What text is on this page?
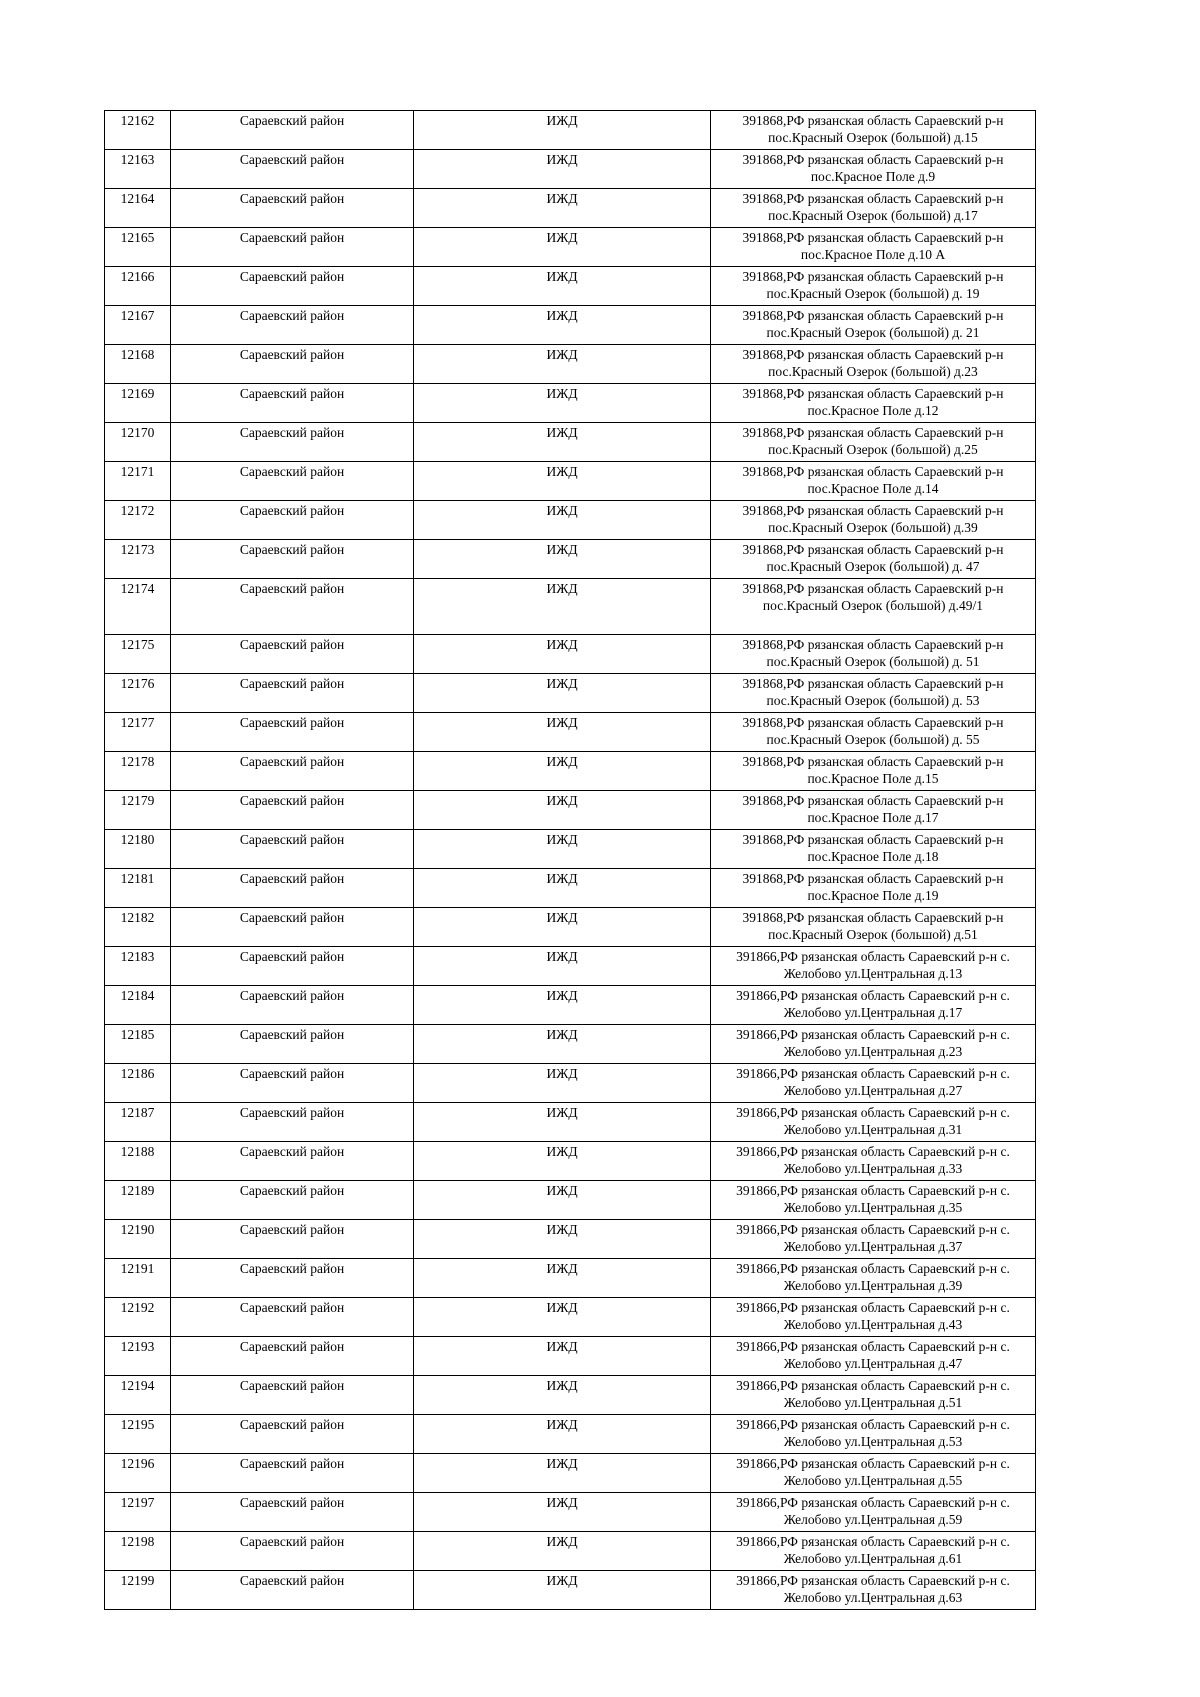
12162	Сараевский район	ИЖД	391868,РФ рязанская область Сараевский р-н пос.Красный Озерок (большой) д.15
12163	Сараевский район	ИЖД	391868,РФ рязанская область Сараевский р-н пос.Красное Поле д.9
12164	Сараевский район	ИЖД	391868,РФ рязанская область Сараевский р-н пос.Красный Озерок (большой) д.17
12165	Сараевский район	ИЖД	391868,РФ рязанская область Сараевский р-н пос.Красное Поле д.10 А
12166	Сараевский район	ИЖД	391868,РФ рязанская область Сараевский р-н пос.Красный Озерок (большой) д. 19
12167	Сараевский район	ИЖД	391868,РФ рязанская область Сараевский р-н пос.Красный Озерок (большой) д. 21
12168	Сараевский район	ИЖД	391868,РФ рязанская область Сараевский р-н пос.Красный Озерок (большой) д.23
12169	Сараевский район	ИЖД	391868,РФ рязанская область Сараевский р-н пос.Красное Поле д.12
12170	Сараевский район	ИЖД	391868,РФ рязанская область Сараевский р-н пос.Красный Озерок (большой) д.25
12171	Сараевский район	ИЖД	391868,РФ рязанская область Сараевский р-н пос.Красное Поле д.14
12172	Сараевский район	ИЖД	391868,РФ рязанская область Сараевский р-н пос.Красный Озерок (большой) д.39
12173	Сараевский район	ИЖД	391868,РФ рязанская область Сараевский р-н пос.Красный Озерок (большой) д. 47
12174	Сараевский район	ИЖД	391868,РФ рязанская область Сараевский р-н пос.Красный Озерок (большой) д.49/1
12175	Сараевский район	ИЖД	391868,РФ рязанская область Сараевский р-н пос.Красный Озерок (большой) д. 51
12176	Сараевский район	ИЖД	391868,РФ рязанская область Сараевский р-н пос.Красный Озерок (большой) д. 53
12177	Сараевский район	ИЖД	391868,РФ рязанская область Сараевский р-н пос.Красный Озерок (большой) д. 55
12178	Сараевский район	ИЖД	391868,РФ рязанская область Сараевский р-н пос.Красное Поле д.15
12179	Сараевский район	ИЖД	391868,РФ рязанская область Сараевский р-н пос.Красное Поле д.17
12180	Сараевский район	ИЖД	391868,РФ рязанская область Сараевский р-н пос.Красное Поле д.18
12181	Сараевский район	ИЖД	391868,РФ рязанская область Сараевский р-н пос.Красное Поле д.19
12182	Сараевский район	ИЖД	391868,РФ рязанская область Сараевский р-н пос.Красный Озерок (большой) д.51
12183	Сараевский район	ИЖД	391866,РФ рязанская область Сараевский р-н с. Желобово ул.Центральная д.13
12184	Сараевский район	ИЖД	391866,РФ рязанская область Сараевский р-н с. Желобово ул.Центральная д.17
12185	Сараевский район	ИЖД	391866,РФ рязанская область Сараевский р-н с. Желобово ул.Центральная д.23
12186	Сараевский район	ИЖД	391866,РФ рязанская область Сараевский р-н с. Желобово ул.Центральная д.27
12187	Сараевский район	ИЖД	391866,РФ рязанская область Сараевский р-н с. Желобово ул.Центральная д.31
12188	Сараевский район	ИЖД	391866,РФ рязанская область Сараевский р-н с. Желобово ул.Центральная д.33
12189	Сараевский район	ИЖД	391866,РФ рязанская область Сараевский р-н с. Желобово ул.Центральная д.35
12190	Сараевский район	ИЖД	391866,РФ рязанская область Сараевский р-н с. Желобово ул.Центральная д.37
12191	Сараевский район	ИЖД	391866,РФ рязанская область Сараевский р-н с. Желобово ул.Центральная д.39
12192	Сараевский район	ИЖД	391866,РФ рязанская область Сараевский р-н с. Желобово ул.Центральная д.43
12193	Сараевский район	ИЖД	391866,РФ рязанская область Сараевский р-н с. Желобово ул.Центральная д.47
12194	Сараевский район	ИЖД	391866,РФ рязанская область Сараевский р-н с. Желобово ул.Центральная д.51
12195	Сараевский район	ИЖД	391866,РФ рязанская область Сараевский р-н с. Желобово ул.Центральная д.53
12196	Сараевский район	ИЖД	391866,РФ рязанская область Сараевский р-н с. Желобово ул.Центральная д.55
12197	Сараевский район	ИЖД	391866,РФ рязанская область Сараевский р-н с. Желобово ул.Центральная д.59
12198	Сараевский район	ИЖД	391866,РФ рязанская область Сараевский р-н с. Желобово ул.Центральная д.61
12199	Сараевский район	ИЖД	391866,РФ рязанская область Сараевский р-н с. Желобово ул.Центральная д.63
